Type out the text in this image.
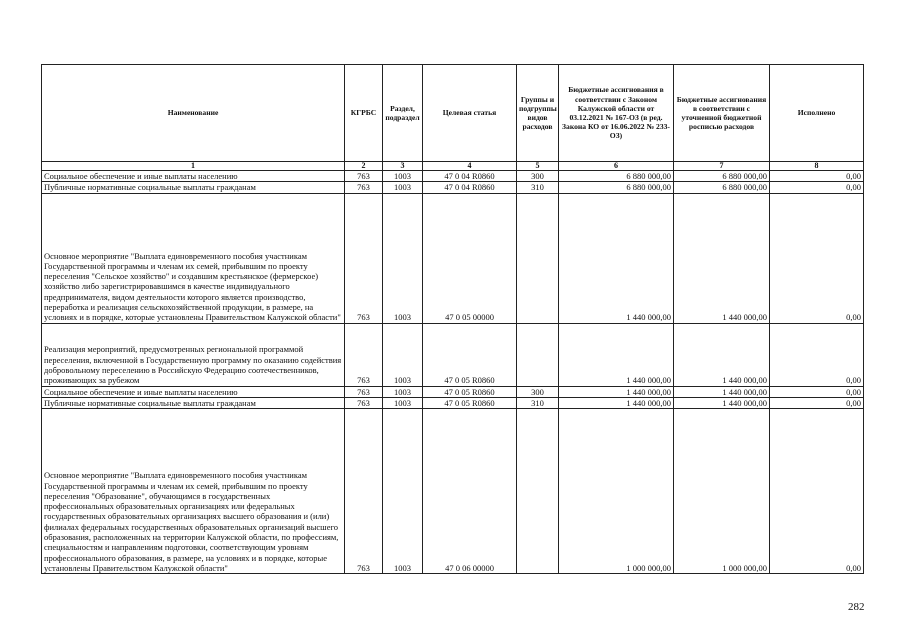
Наименование	КГРБС	Раздел, подраздел	Целевая статья	Группы и подгруппы видов расходов	Бюджетные ассигнования в соответствии с Законом Калужской области от 03.12.2021 № 167-ОЗ (в ред. Закона КО от 16.06.2022 № 233-ОЗ)	Бюджетные ассигнования в соответствии с уточненной бюджетной росписью расходов	Исполнено
1	2	3	4	5	6	7	8
Социальное обеспечение и иные выплаты населению	763	1003	47 0 04 R0860	300	6 880 000,00	6 880 000,00	0,00
Публичные нормативные социальные выплаты гражданам	763	1003	47 0 04 R0860	310	6 880 000,00	6 880 000,00	0,00
Основное мероприятие "Выплата единовременного пособия участникам Государственной программы и членам их семей, прибывшим по проекту переселения "Сельское хозяйство" и создавшим крестьянское (фермерское) хозяйство либо зарегистрировавшимся в качестве индивидуального предпринимателя, видом деятельности которого является производство, переработка и реализация сельскохозяйственной продукции, в размере, на условиях и в порядке, которые установлены Правительством Калужской области"	763	1003	47 0 05 00000		1 440 000,00	1 440 000,00	0,00
Реализация мероприятий, предусмотренных региональной программой переселения, включенной в Государственную программу по оказанию содействия добровольному переселению в Российскую Федерацию соотечественников, проживающих за рубежом	763	1003	47 0 05 R0860		1 440 000,00	1 440 000,00	0,00
Социальное обеспечение и иные выплаты населению	763	1003	47 0 05 R0860	300	1 440 000,00	1 440 000,00	0,00
Публичные нормативные социальные выплаты гражданам	763	1003	47 0 05 R0860	310	1 440 000,00	1 440 000,00	0,00
Основное мероприятие "Выплата единовременного пособия участникам Государственной программы и членам их семей, прибывшим по проекту переселения "Образование", обучающимся в государственных профессиональных образовательных организациях или федеральных государственных образовательных организациях высшего образования и (или) филиалах федеральных государственных образовательных организаций высшего образования, расположенных на территории Калужской области, по профессиям, специальностям и направлениям подготовки, соответствующим уровням профессионального образования, в размере, на условиях и в порядке, которые установлены Правительством Калужской области"	763	1003	47 0 06 00000		1 000 000,00	1 000 000,00	0,00
282
